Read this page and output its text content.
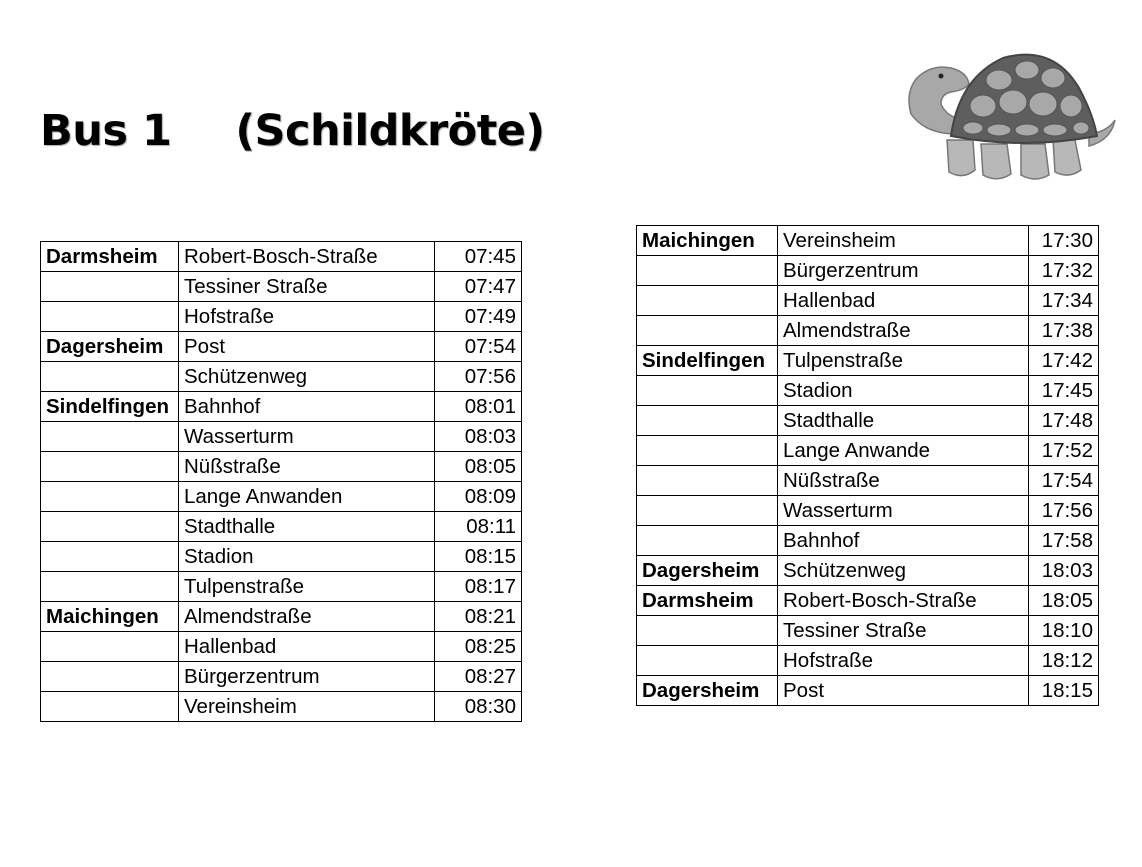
Bus 1 (Schildkröte)
Darmsheim	Robert-Bosch-Straße	07:45
	Tessiner Straße	07:47
	Hofstraße	07:49
Dagersheim	Post	07:54
	Schützenweg	07:56
Sindelfingen	Bahnhof	08:01
	Wasserturm	08:03
	Nüßstraße	08:05
	Lange Anwanden	08:09
	Stadthalle	08:11
	Stadion	08:15
	Tulpenstraße	08:17
Maichingen	Almendstraße	08:21
	Hallenbad	08:25
	Bürgerzentrum	08:27
	Vereinsheim	08:30
Maichingen	Vereinsheim	17:30
	Bürgerzentrum	17:32
	Hallenbad	17:34
	Almendstraße	17:38
Sindelfingen	Tulpenstraße	17:42
	Stadion	17:45
	Stadthalle	17:48
	Lange Anwande	17:52
	Nüßstraße	17:54
	Wasserturm	17:56
	Bahnhof	17:58
Dagersheim	Schützenweg	18:03
Darmsheim	Robert-Bosch-Straße	18:05
	Tessiner Straße	18:10
	Hofstraße	18:12
Dagersheim	Post	18:15
